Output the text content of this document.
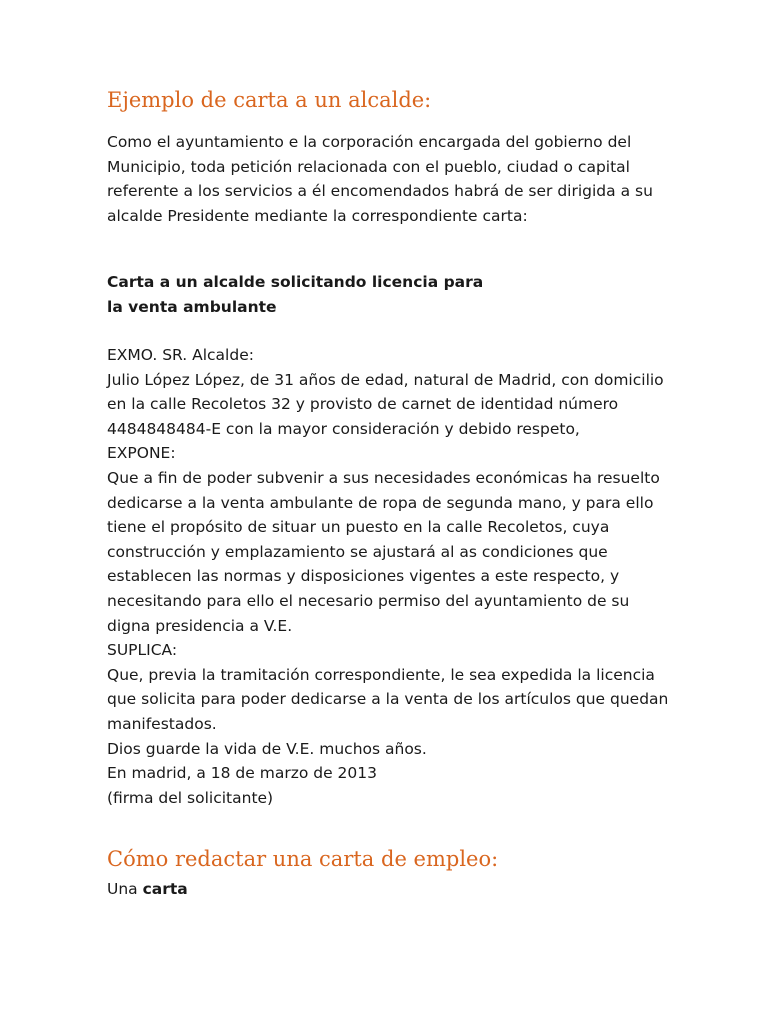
Ejemplo de carta a un alcalde:
Como el ayuntamiento e la corporación encargada del gobierno del
Municipio, toda petición relacionada con el pueblo, ciudad o capital
referente a los servicios a él encomendados habrá de ser dirigida a su
alcalde Presidente mediante la correspondiente carta:
Carta a un alcalde solicitando licencia para
la venta ambulante
EXMO. SR. Alcalde:
Julio López López, de 31 años de edad, natural de Madrid, con domicilio
en la calle Recoletos 32 y provisto de carnet de identidad número
4484848484-E con la mayor consideración y debido respeto,
EXPONE:
Que a fin de poder subvenir a sus necesidades económicas ha resuelto
dedicarse a la venta ambulante de ropa de segunda mano, y para ello
tiene el propósito de situar un puesto en la calle Recoletos, cuya
construcción y emplazamiento se ajustará al as condiciones que
establecen las normas y disposiciones vigentes a este respecto, y
necesitando para ello el necesario permiso del ayuntamiento de su
digna presidencia a V.E.
SUPLICA:
Que, previa la tramitación correspondiente, le sea expedida la licencia
que solicita para poder dedicarse a la venta de los artículos que quedan
manifestados.
Dios guarde la vida de V.E. muchos años.
En madrid, a 18 de marzo de 2013
(firma del solicitante)
Cómo redactar una carta de empleo:
Una carta
